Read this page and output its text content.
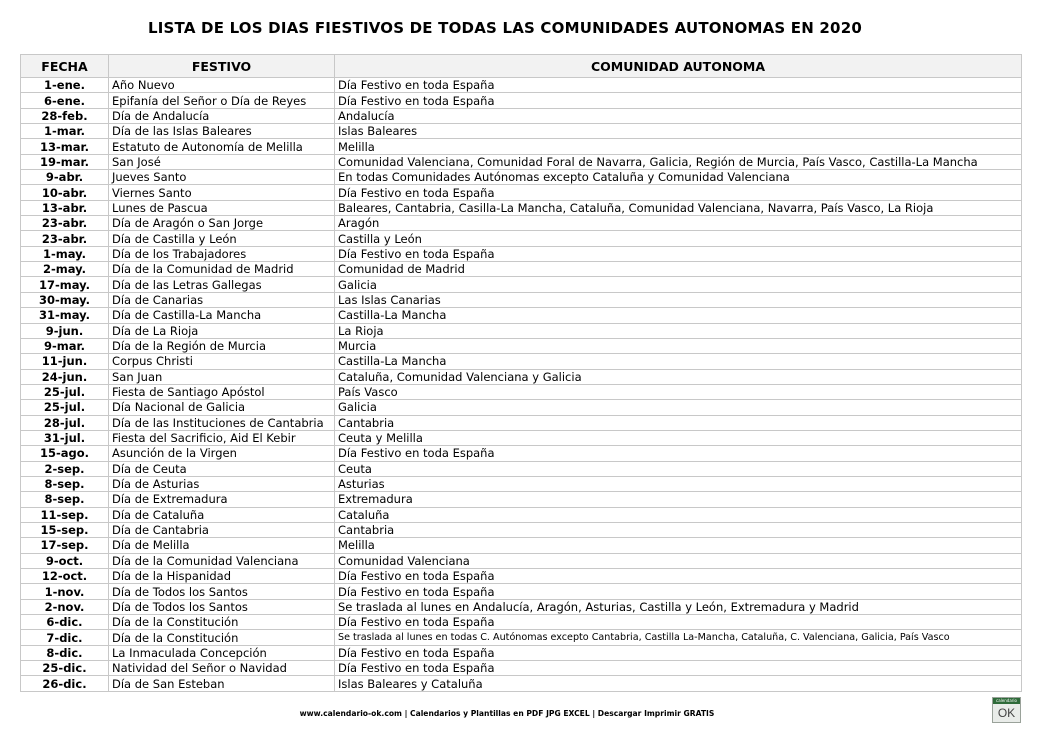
LISTA DE LOS DIAS FIESTIVOS DE TODAS LAS COMUNIDADES AUTONOMAS EN 2020
FECHA	FESTIVO	COMUNIDAD AUTONOMA
1-ene.	Año Nuevo	Día Festivo en toda España
6-ene.	Epifanía del Señor o Día de Reyes	Día Festivo en toda España
28-feb.	Día de Andalucía	Andalucía
1-mar.	Día de las Islas Baleares	Islas Baleares
13-mar.	Estatuto de Autonomía de Melilla	Melilla
19-mar.	San José	Comunidad Valenciana, Comunidad Foral de Navarra, Galicia, Región de Murcia, País Vasco, Castilla-La Mancha
9-abr.	Jueves Santo	En todas Comunidades Autónomas excepto Cataluña y Comunidad Valenciana
10-abr.	Viernes Santo	Día Festivo en toda España
13-abr.	Lunes de Pascua	Baleares, Cantabria, Casilla-La Mancha, Cataluña, Comunidad Valenciana, Navarra, País Vasco, La Rioja
23-abr.	Día de Aragón o San Jorge	Aragón
23-abr.	Día de Castilla y León	Castilla y León
1-may.	Día de los Trabajadores	Día Festivo en toda España
2-may.	Día de la Comunidad de Madrid	Comunidad de Madrid
17-may.	Día de las Letras Gallegas	Galicia
30-may.	Día de Canarias	Las Islas Canarias
31-may.	Día de Castilla-La Mancha	Castilla-La Mancha
9-jun.	Día de La Rioja	La Rioja
9-mar.	Día de la Región de Murcia	Murcia
11-jun.	Corpus Christi	Castilla-La Mancha
24-jun.	San Juan	Cataluña, Comunidad Valenciana y Galicia
25-jul.	Fiesta de Santiago Apóstol	País Vasco
25-jul.	Día Nacional de Galicia	Galicia
28-jul.	Día de las Instituciones de Cantabria	Cantabria
31-jul.	Fiesta del Sacrificio, Aid El Kebir	Ceuta y Melilla
15-ago.	Asunción de la Virgen	Día Festivo en toda España
2-sep.	Día de Ceuta	Ceuta
8-sep.	Día de Asturias	Asturias
8-sep.	Día de Extremadura	Extremadura
11-sep.	Día de Cataluña	Cataluña
15-sep.	Día de Cantabria	Cantabria
17-sep.	Día de Melilla	Melilla
9-oct.	Día de la Comunidad Valenciana	Comunidad Valenciana
12-oct.	Día de la Hispanidad	Día Festivo en toda España
1-nov.	Día de Todos los Santos	Día Festivo en toda España
2-nov.	Día de Todos los Santos	Se traslada al lunes en Andalucía, Aragón, Asturias, Castilla y León, Extremadura y Madrid
6-dic.	Día de la Constitución	Día Festivo en toda España
7-dic.	Día de la Constitución	Se traslada al lunes en todas C. Autónomas excepto Cantabria, Castilla La-Mancha, Cataluña, C. Valenciana, Galicia, País Vasco
8-dic.	La Inmaculada Concepción	Día Festivo en toda España
25-dic.	Natividad del Señor o Navidad	Día Festivo en toda España
26-dic.	Día de San Esteban	Islas Baleares y Cataluña
www.calendario-ok.com | Calendarios y Plantillas en PDF JPG EXCEL | Descargar Imprimir GRATIS
calendario
OK
